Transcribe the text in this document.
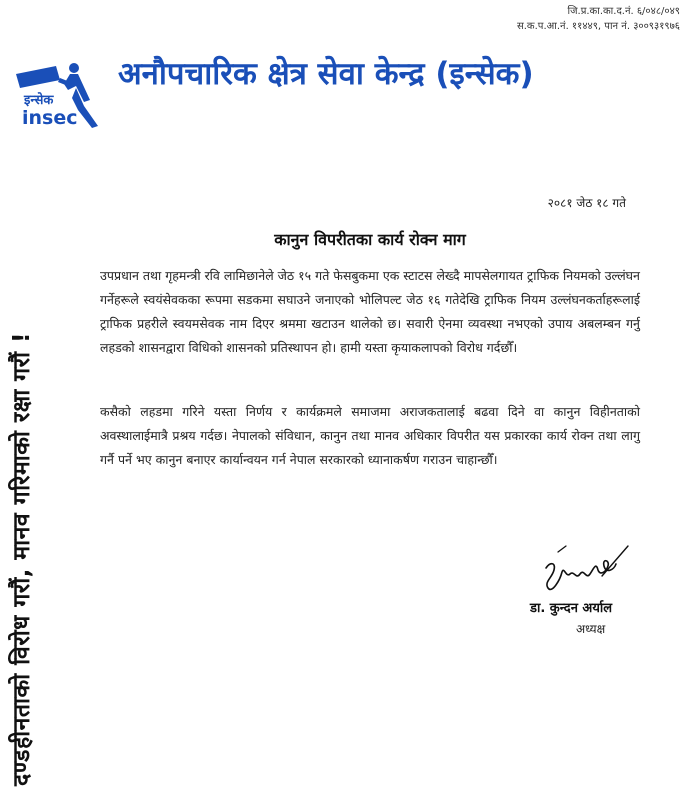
जि.प्र.का.का.द.नं. ६/०४८/०४९
स.क.प.आ.नं. ११४४९, पान नं. ३००९३१९७६
इन्सेक
insec
अनौपचारिक क्षेत्र सेवा केन्द्र (इन्सेक)
दण्डहीनताको विरोध गरौं, मानव गरिमाको रक्षा गरौं !
२०८१ जेठ १८ गते
कानुन विपरीतका कार्य रोक्न माग

उपप्रधान तथा गृहमन्त्री रवि लामिछानेले जेठ १५ गते फेसबुकमा एक स्टाटस लेख्दै मापसेलगायत ट्राफिक नियमको उल्लंघन गर्नेहरूले स्वयंसेवकका रूपमा सडकमा सघाउने जनाएको भोलिपल्ट जेठ १६ गतेदेखि ट्राफिक नियम उल्लंघनकर्ताहरूलाई ट्राफिक प्रहरीले स्वयमसेवक नाम दिएर श्रममा खटाउन थालेको छ। सवारी ऐनमा व्यवस्था नभएको उपाय अबलम्बन गर्नु लहडको शासनद्वारा विधिको शासनको प्रतिस्थापन हो। हामी यस्ता कृयाकलापको विरोध गर्दछौँ।

कसैको लहडमा गरिने यस्ता निर्णय र कार्यक्रमले समाजमा अराजकतालाई बढवा दिने वा कानुन विहीनताको अवस्थालाईमात्रै प्रश्रय गर्दछ। नेपालको संविधान, कानुन तथा मानव अधिकार विपरीत यस प्रकारका कार्य रोक्न तथा लागु गर्नै पर्ने भए कानुन बनाएर कार्यान्वयन गर्न नेपाल सरकारको ध्यानाकर्षण गराउन चाहान्छौँ।

डा. कुन्दन अर्याल
अध्यक्ष
